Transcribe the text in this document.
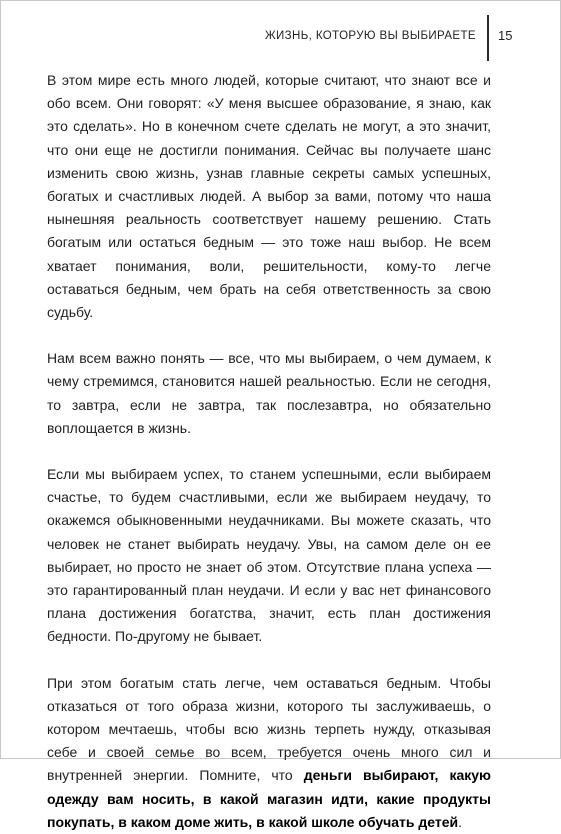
ЖИЗНЬ, КОТОРУЮ ВЫ ВЫБИРАЕТЕ 15

В этом мире есть много людей, которые считают, что знают все и обо всем. Они говорят: «У меня высшее образование, я знаю, как это сделать». Но в конечном счете сделать не могут, а это значит, что они еще не достигли понимания. Сейчас вы получаете шанс изменить свою жизнь, узнав главные секреты самых успешных, богатых и счастливых людей. А выбор за вами, потому что наша нынешняя реальность соответствует нашему решению. Стать богатым или остаться бедным — это тоже наш выбор. Не всем хватает понимания, воли, решительности, кому-то легче оставаться бедным, чем брать на себя ответственность за свою судьбу.

Нам всем важно понять — все, что мы выбираем, о чем думаем, к чему стремимся, становится нашей реальностью. Если не сегодня, то завтра, если не завтра, так послезавтра, но обязательно воплощается в жизнь.

Если мы выбираем успех, то станем успешными, если выбираем счастье, то будем счастливыми, если же выбираем неудачу, то окажемся обыкновенными неудачниками. Вы можете сказать, что человек не станет выбирать неудачу. Увы, на самом деле он ее выбирает, но просто не знает об этом. Отсутствие плана успеха — это гарантированный план неудачи. И если у вас нет финансового плана достижения богатства, значит, есть план достижения бедности. По-другому не бывает.

При этом богатым стать легче, чем оставаться бедным. Чтобы отказаться от того образа жизни, которого ты заслуживаешь, о котором мечтаешь, чтобы всю жизнь терпеть нужду, отказывая себе и своей семье во всем, требуется очень много сил и внутренней энергии. Помните, что деньги выбирают, какую одежду вам носить, в какой магазин идти, какие продукты покупать, в каком доме жить, в какой школе обучать детей.
